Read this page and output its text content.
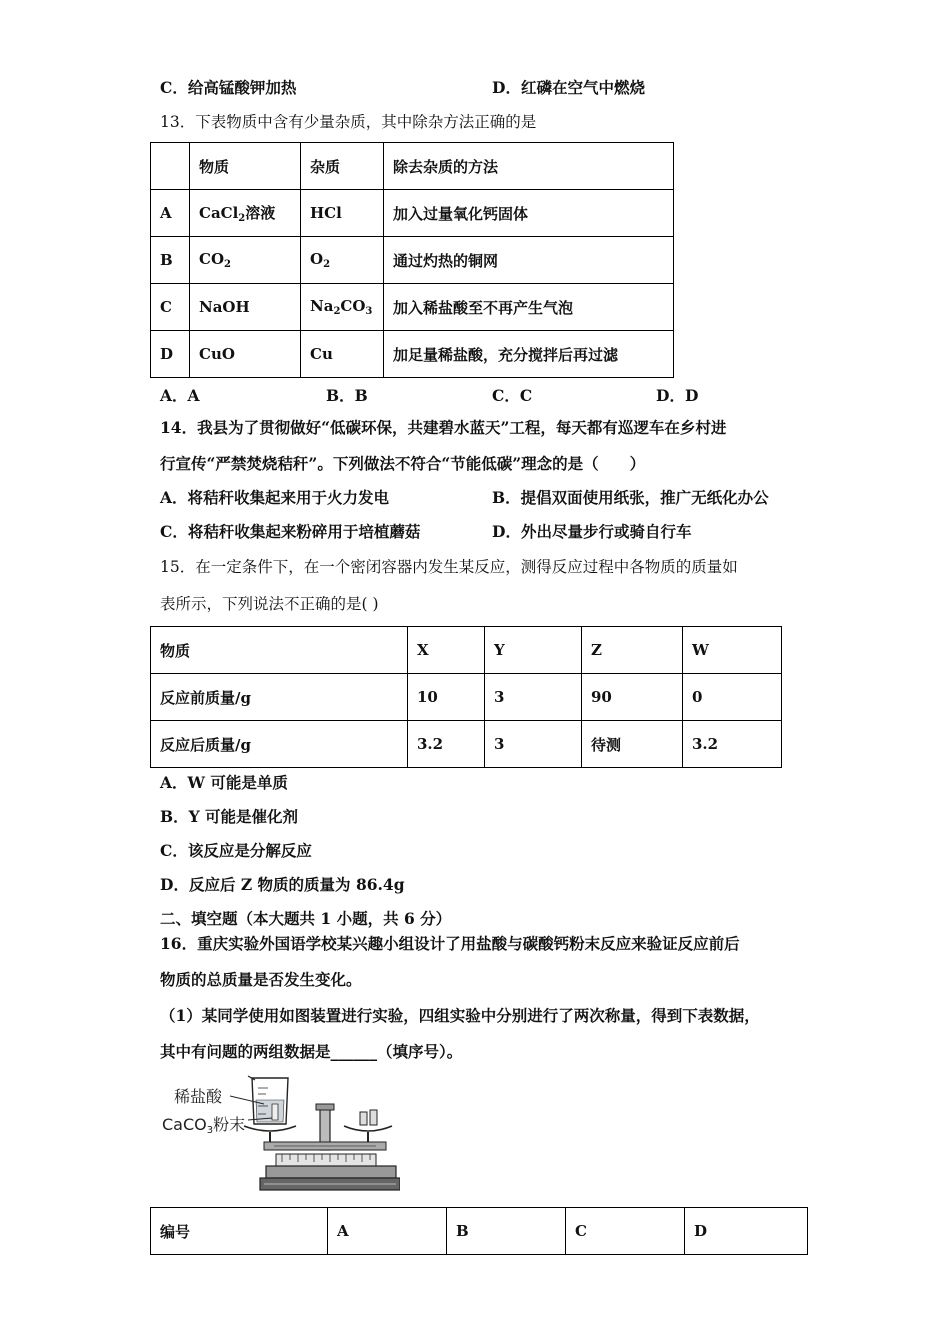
C．给高锰酸钾加热	D．红磷在空气中燃烧
13．下表物质中含有少量杂质，其中除杂方法正确的是
	物质	杂质	除去杂质的方法
A	CaCl$_2$溶液	HCl	加入过量氧化钙固体
B	$CO_2$	$O_2$	通过灼热的铜网
C	NaOH	$Na_2CO_3$	加入稀盐酸至不再产生气泡
D	CuO	Cu	加足量稀盐酸，充分搅拌后再过滤
A．A	B．B	C．C	D．D
14．我县为了贯彻做好“低碳环保，共建碧水蓝天”工程，每天都有巡逻车在乡村进
行宣传“严禁焚烧秸秆”。下列做法不符合“节能低碳”理念的是（　　）
A．将秸秆收集起来用于火力发电	B．提倡双面使用纸张，推广无纸化办公
C．将秸秆收集起来粉碎用于培植蘑菇	D．外出尽量步行或骑自行车
15．在一定条件下，在一个密闭容器内发生某反应，测得反应过程中各物质的质量如
表所示，下列说法不正确的是( )
物质	X	Y	Z	W
反应前质量/g	10	3	90	0
反应后质量/g	3.2	3	待测	3.2
A．W 可能是单质
B．Y 可能是催化剂
C．该反应是分解反应
D．反应后 Z 物质的质量为 86.4g
二、填空题（本大题共 1 小题，共 6 分）
16．重庆实验外国语学校某兴趣小组设计了用盐酸与碳酸钙粉末反应来验证反应前后
物质的总质量是否发生变化。
（1）某同学使用如图装置进行实验，四组实验中分别进行了两次称量，得到下表数据，
其中有问题的两组数据是______（填序号）。
稀盐酸
CaCO$_3$粉末
编号	A	B	C	D
